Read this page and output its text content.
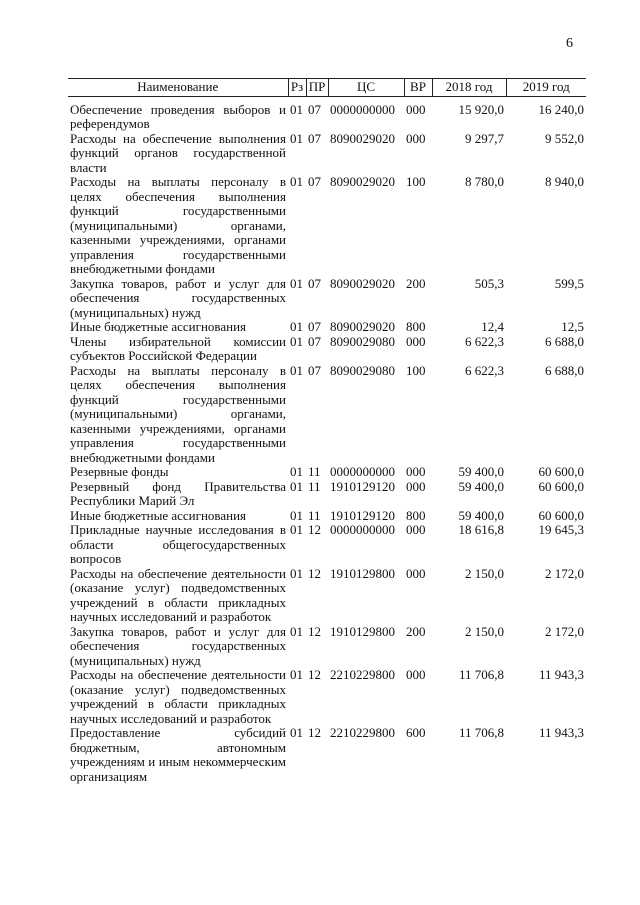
6
Наименование	Рз	ПР	ЦС	ВР	2018 год	2019 год
Обеспечение проведения выборов и референдумов	01	07	0000000000	000	15 920,0	16 240,0
Расходы на обеспечение выполнения функций органов государственной власти	01	07	8090029020	000	9 297,7	9 552,0
Расходы на выплаты персоналу в целях обеспечения выполнения функций государственными (муниципальными) органами, казенными учреждениями, органами управления государственными внебюджетными фондами	01	07	8090029020	100	8 780,0	8 940,0
Закупка товаров, работ и услуг для обеспечения государственных (муниципальных) нужд	01	07	8090029020	200	505,3	599,5
Иные бюджетные ассигнования	01	07	8090029020	800	12,4	12,5
Члены избирательной комиссии субъектов Российской Федерации	01	07	8090029080	000	6 622,3	6 688,0
Расходы на выплаты персоналу в целях обеспечения выполнения функций государственными (муниципальными) органами, казенными учреждениями, органами управления государственными внебюджетными фондами	01	07	8090029080	100	6 622,3	6 688,0
Резервные фонды	01	11	0000000000	000	59 400,0	60 600,0
Резервный фонд Правительства Республики Марий Эл	01	11	1910129120	000	59 400,0	60 600,0
Иные бюджетные ассигнования	01	11	1910129120	800	59 400,0	60 600,0
Прикладные научные исследования в области общегосударственных вопросов	01	12	0000000000	000	18 616,8	19 645,3
Расходы на обеспечение деятельности (оказание услуг) подведомственных учреждений в области прикладных научных исследований и разработок	01	12	1910129800	000	2 150,0	2 172,0
Закупка товаров, работ и услуг для обеспечения государственных (муниципальных) нужд	01	12	1910129800	200	2 150,0	2 172,0
Расходы на обеспечение деятельности (оказание услуг) подведомственных учреждений в области прикладных научных исследований и разработок	01	12	2210229800	000	11 706,8	11 943,3
Предоставление субсидий бюджетным, автономным учреждениям и иным некоммерческим организациям	01	12	2210229800	600	11 706,8	11 943,3
